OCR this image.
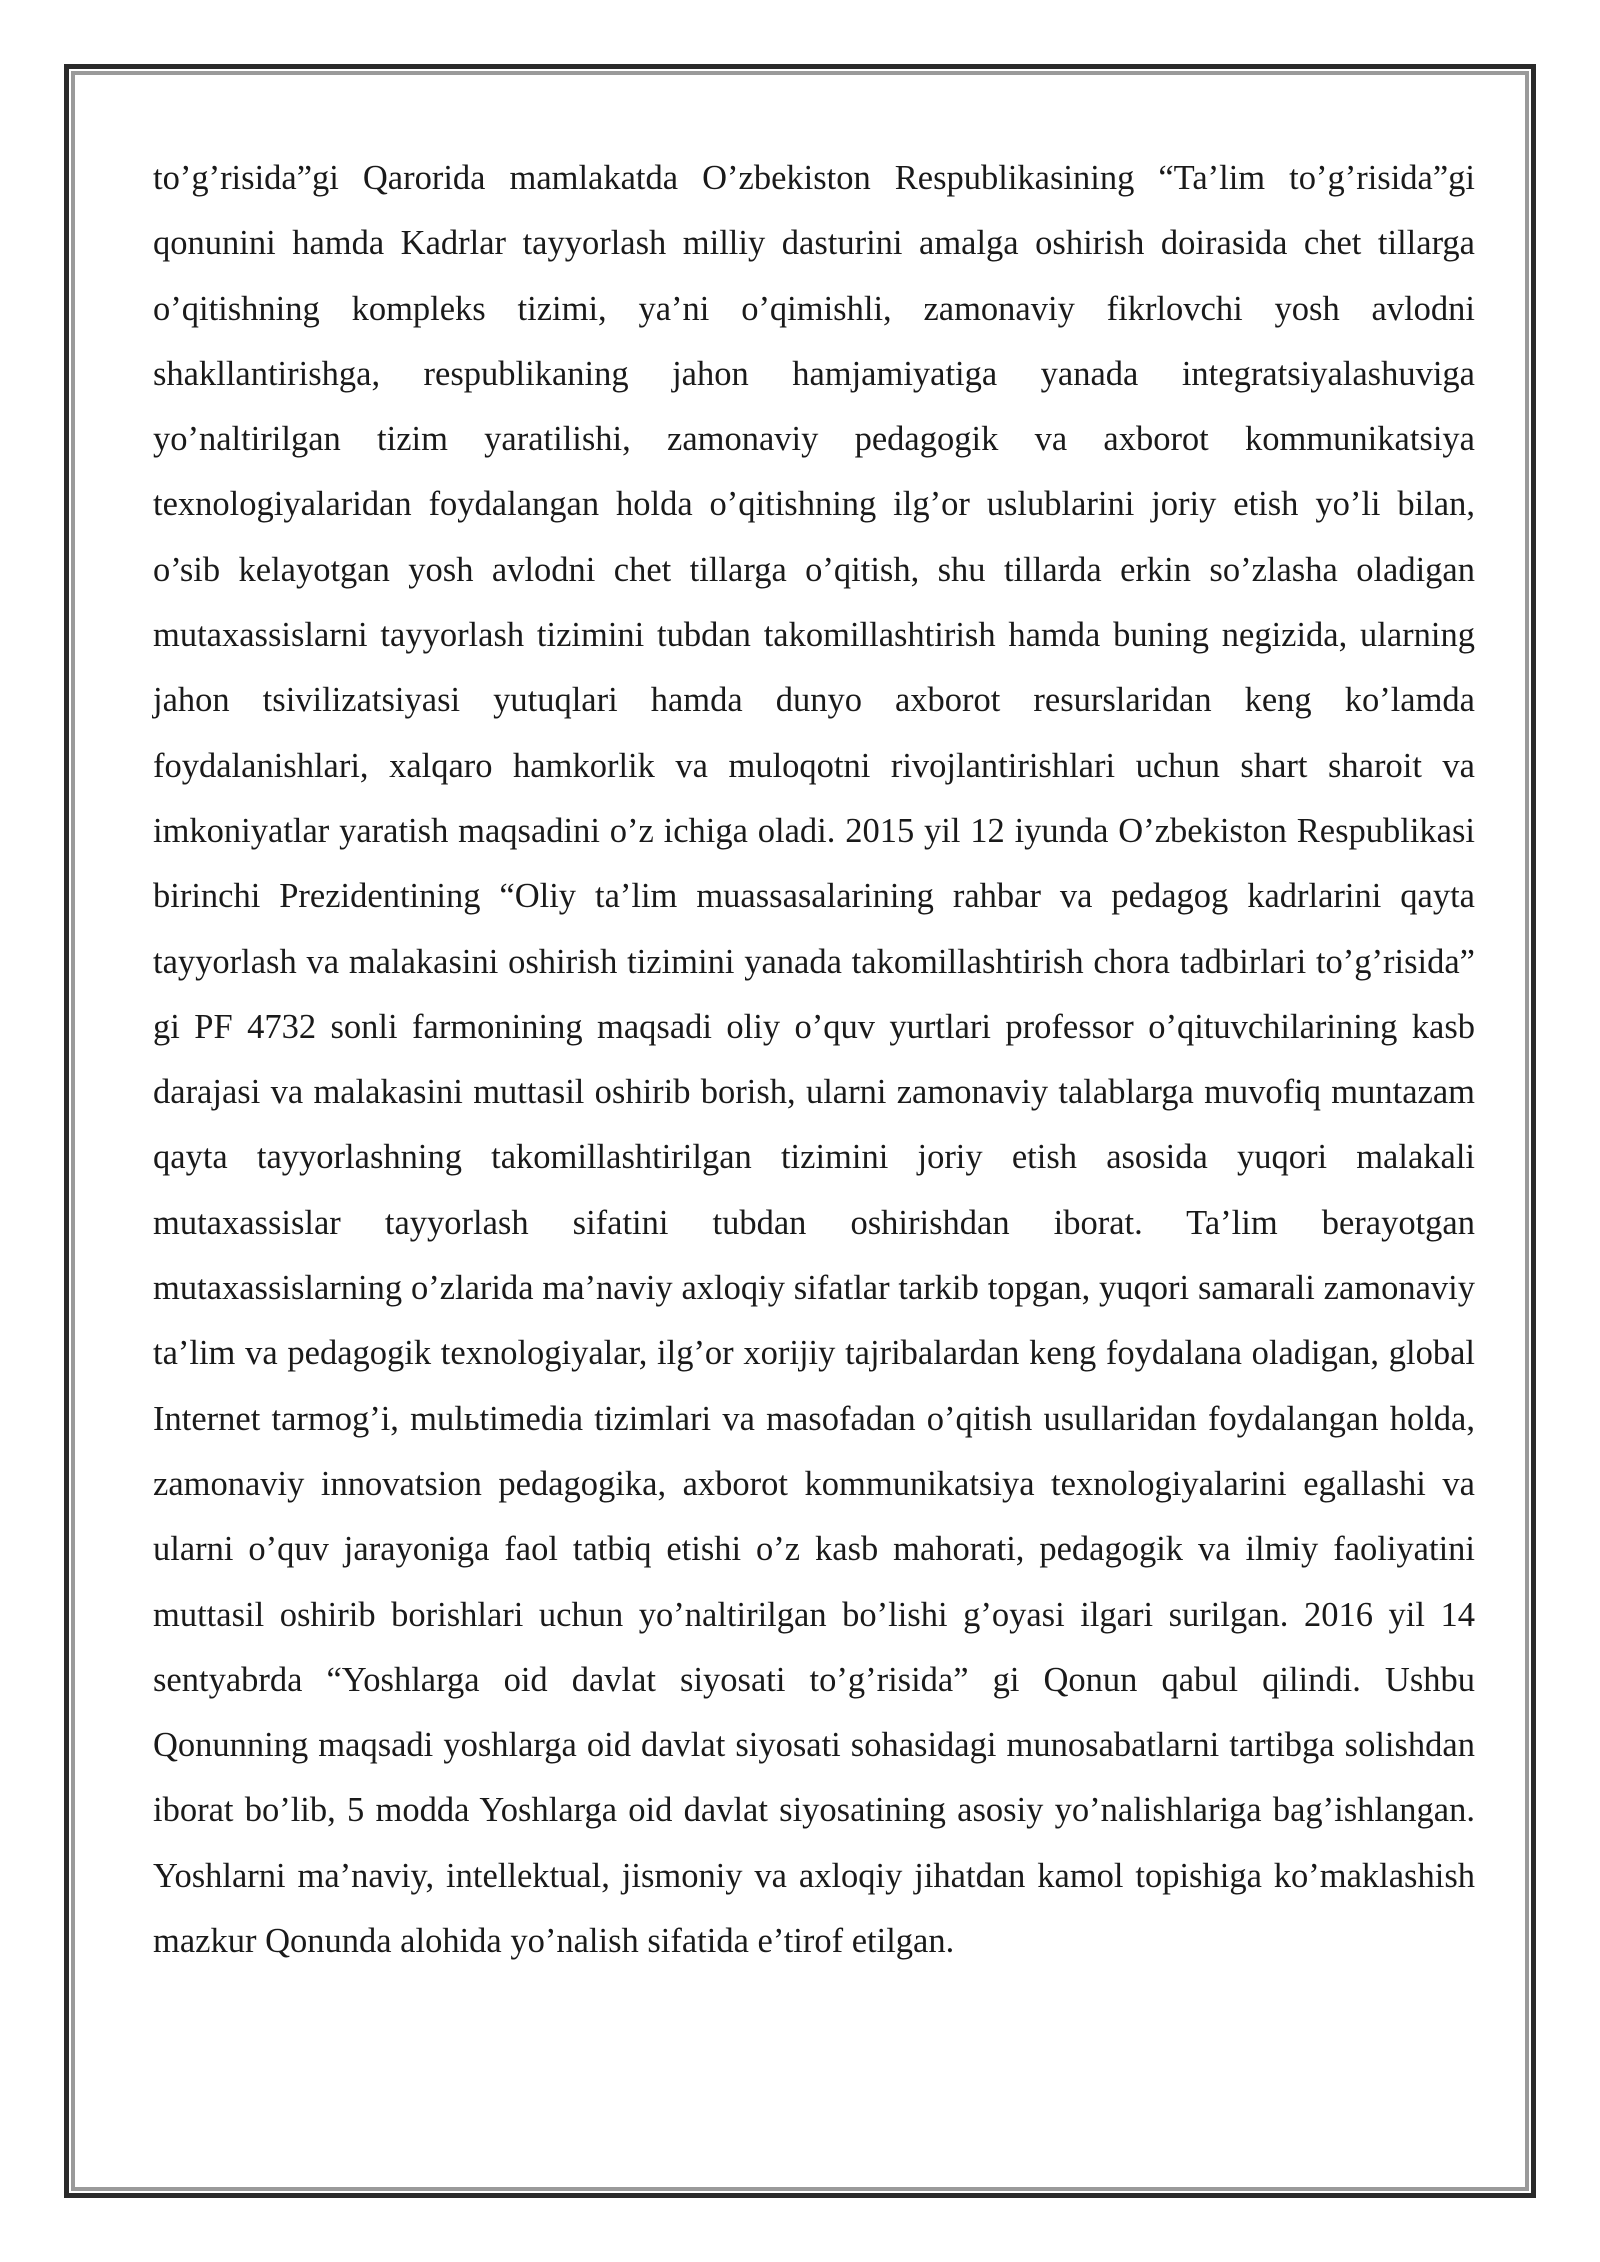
to’g’risida”gi Qarorida mamlakatda O’zbekiston Respublikasining “Ta’lim to’g’risida”gi qonunini hamda Kadrlar tayyorlash milliy dasturini amalga oshirish doirasida chet tillarga o’qitishning kompleks tizimi, ya’ni o’qimishli, zamonaviy fikrlovchi yosh avlodni shakllantirishga, respublikaning jahon hamjamiyatiga yanada integratsiyalashuviga yo’naltirilgan tizim yaratilishi, zamonaviy pedagogik va axborot kommunikatsiya texnologiyalaridan foydalangan holda o’qitishning ilg’or uslublarini joriy etish yo’li bilan, o’sib kelayotgan yosh avlodni chet tillarga o’qitish, shu tillarda erkin so’zlasha oladigan mutaxassislarni tayyorlash tizimini tubdan takomillashtirish hamda buning negizida, ularning jahon tsivilizatsiyasi yutuqlari hamda dunyo axborot resurslaridan keng ko’lamda foydalanishlari, xalqaro hamkorlik va muloqotni rivojlantirishlari uchun shart sharoit va imkoniyatlar yaratish maqsadini o’z ichiga oladi. 2015 yil 12 iyunda O’zbekiston Respublikasi birinchi Prezidentining “Oliy ta’lim muassasalarining rahbar va pedagog kadrlarini qayta tayyorlash va malakasini oshirish tizimini yanada takomillashtirish chora tadbirlari to’g’risida” gi PF 4732 sonli farmonining maqsadi oliy o’quv yurtlari professor o’qituvchilarining kasb darajasi va malakasini muttasil oshirib borish, ularni zamonaviy talablarga muvofiq muntazam qayta tayyorlashning takomillashtirilgan tizimini joriy etish asosida yuqori malakali mutaxassislar tayyorlash sifatini tubdan oshirishdan iborat. Ta’lim berayotgan mutaxassislarning o’zlarida ma’naviy axloqiy sifatlar tarkib topgan, yuqori samarali zamonaviy ta’lim va pedagogik texnologiyalar, ilg’or xorijiy tajribalardan keng foydalana oladigan, global Internet tarmog’i, mulьtimedia tizimlari va masofadan o’qitish usullaridan foydalangan holda, zamonaviy innovatsion pedagogika, axborot kommunikatsiya texnologiyalarini egallashi va ularni o’quv jarayoniga faol tatbiq etishi o’z kasb mahorati, pedagogik va ilmiy faoliyatini muttasil oshirib borishlari uchun yo’naltirilgan bo’lishi g’oyasi ilgari surilgan. 2016 yil 14 sentyabrda “Yoshlarga oid davlat siyosati to’g’risida” gi Qonun qabul qilindi. Ushbu Qonunning maqsadi yoshlarga oid davlat siyosati sohasidagi munosabatlarni tartibga solishdan iborat bo’lib, 5 modda Yoshlarga oid davlat siyosatining asosiy yo’nalishlariga bag’ishlangan. Yoshlarni ma’naviy, intellektual, jismoniy va axloqiy jihatdan kamol topishiga ko’maklashish mazkur Qonunda alohida yo’nalish sifatida e’tirof etilgan.
